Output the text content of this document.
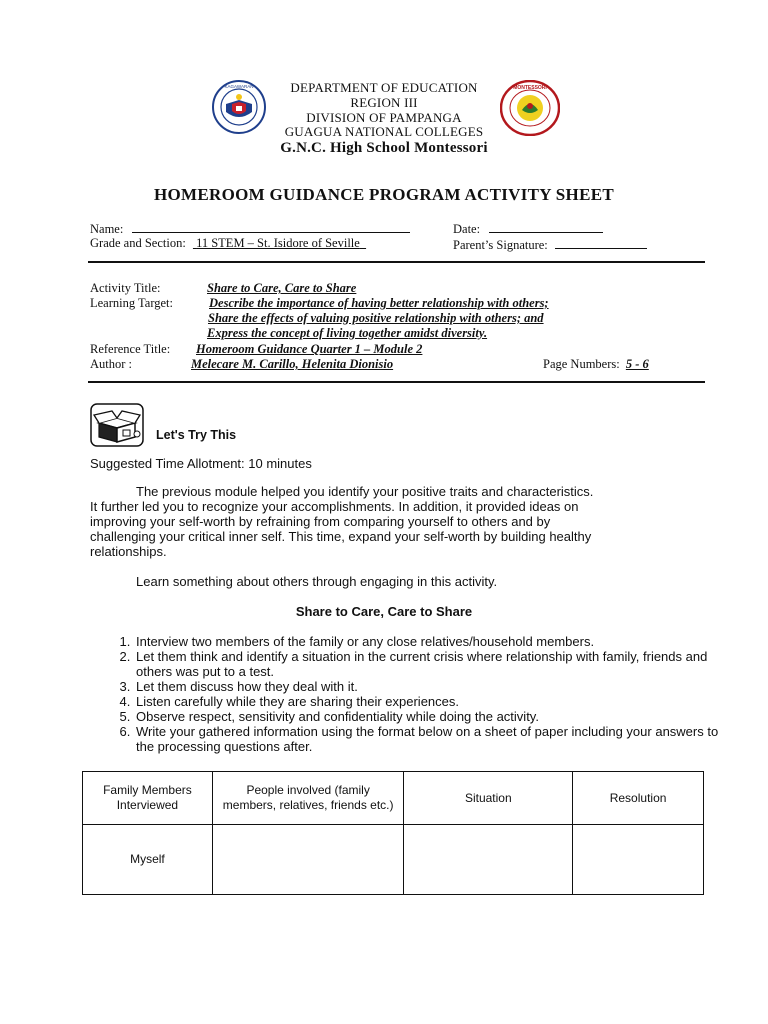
KAGAWARAN	MONTESSORI
DEPARTMENT OF EDUCATION
REGION III
DIVISION OF PAMPANGA
GUAGUA NATIONAL COLLEGES
G.N.C. High School Montessori
HOMEROOM GUIDANCE PROGRAM ACTIVITY SHEET
Name:	Date:
Grade and Section: 11 STEM – St. Isidore of Seville	Parent’s Signature:
Activity Title:	Share to Care, Care to Share
Learning Target:	Describe the importance of having better relationship with others;
Share the effects of valuing positive relationship with others; and
Express the concept of living together amidst diversity.
Reference Title: Homeroom Guidance Quarter 1 – Module 2
Author :	Melecare M. Carillo, Helenita Dionisio	Page Numbers: 5 - 6
Let's Try This
Suggested Time Allotment: 10 minutes
The previous module helped you identify your positive traits and characteristics.
It further led you to recognize your accomplishments. In addition, it provided ideas on
improving your self-worth by refraining from comparing yourself to others and by
challenging your critical inner self. This time, expand your self-worth by building healthy
relationships.
Learn something about others through engaging in this activity.
Share to Care, Care to Share
1. Interview two members of the family or any close relatives/household members.
2. Let them think and identify a situation in the current crisis where relationship with family, friends and others was put to a test.
3. Let them discuss how they deal with it.
4. Listen carefully while they are sharing their experiences.
5. Observe respect, sensitivity and confidentiality while doing the activity.
6. Write your gathered information using the format below on a sheet of paper including your answers to the processing questions after.
Family Members Interviewed	People involved (family members, relatives, friends etc.)	Situation	Resolution
Myself			
